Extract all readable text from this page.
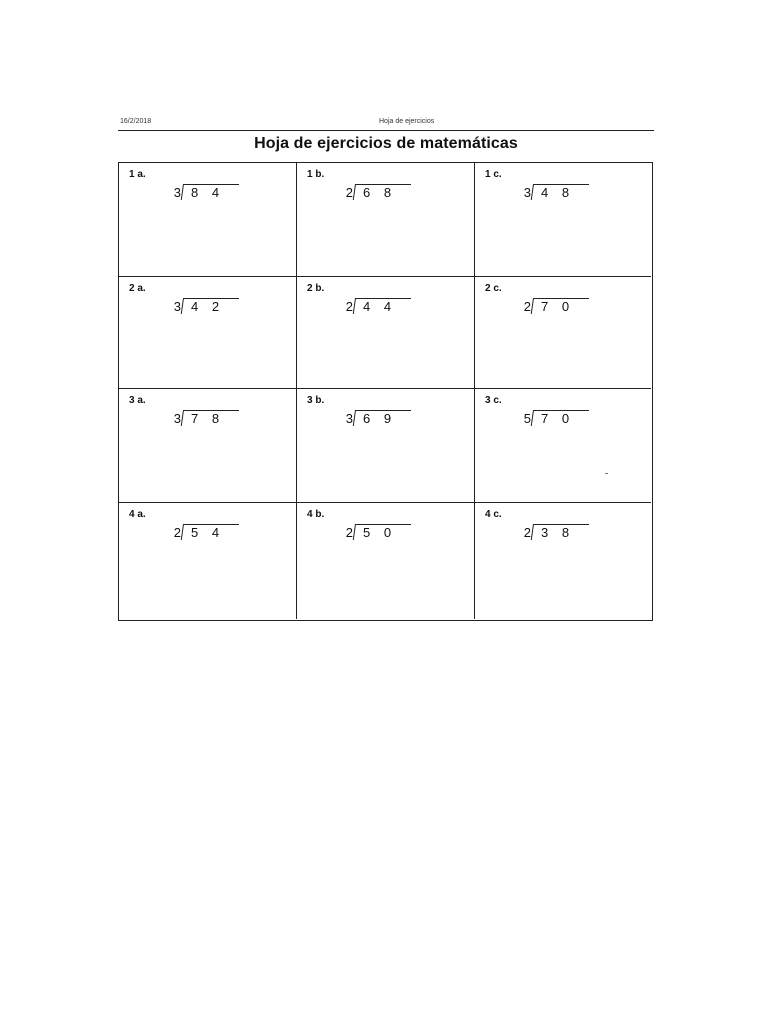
16/2/2018	Hoja de ejercicios
Hoja de ejercicios de matemáticas
1 a.
3 8 4
1 b.
2 6 8
1 c.
3 4 8
2 a.
3 4 2
2 b.
2 4 4
2 c.
2 7 0
3 a.
3 7 8
3 b.
3 6 9
3 c.
5 7 0
4 a.
2 5 4
4 b.
2 5 0
4 c.
2 3 8
